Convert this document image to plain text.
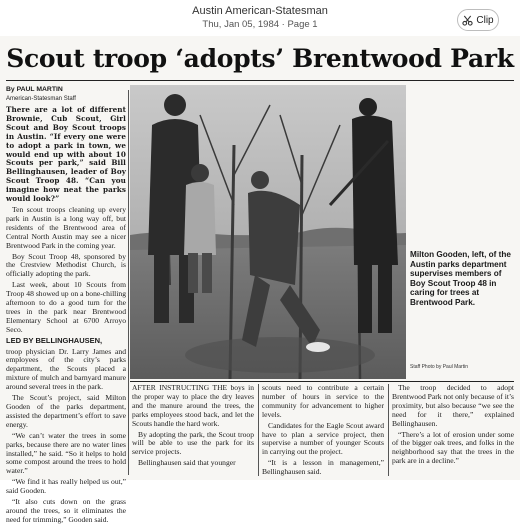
Austin American-Statesman
Thu, Jan 05, 1984 · Page 1	Clip
Scout troop ‘adopts’ Brentwood Park
By PAUL MARTIN
American-Statesman Staff

There are a lot of different Brownie, Cub Scout, Girl Scout and Boy Scout troops in Austin. “If every one were to adopt a park in town, we would end up with about 10 Scouts per park,” said Bill Bellinghausen, leader of Boy Scout Troop 48. “Can you imagine how neat the parks would look?”

Ten scout troops cleaning up every park in Austin is a long way off, but residents of the Brentwood area of Central North Austin may see a nicer Brentwood Park in the coming year.

Boy Scout Troop 48, sponsored by the Crestview Methodist Church, is officially adopting the park.

Last week, about 10 Scouts from Troop 48 showed up on a bone-chilling afternoon to do a good turn for the trees in the park near Brentwood Elementary School at 6700 Arroyo Seco.

LED BY BELLINGHAUSEN,

troop physician Dr. Larry James and employees of the city’s parks department, the Scouts placed a mixture of mulch and barnyard manure around several trees in the park.

The Scout’s project, said Milton Gooden of the parks department, assisted the department’s effort to save energy.

“We can’t water the trees in some parks, because there are no water lines installed,” he said. “So it helps to hold some compost around the trees to hold water.”

“We find it has really helped us out,” said Gooden.

“It also cuts down on the grass around the trees, so it eliminates the need for trimming,” Gooden said.

Milton Gooden, left, of the Austin parks department supervises members of Boy Scout Troop 48 in caring for trees at Brentwood Park.
Staff Photo by Paul Martin

AFTER INSTRUCTING THE boys in the proper way to place the dry leaves and the manure around the trees, the parks employees stood back, and let the Scouts handle the hard work.

By adopting the park, the Scout troop will be able to use the park for its service projects.

Bellinghausen said that younger

scouts need to contribute a certain number of hours in service to the community for advancement to higher levels.

Candidates for the Eagle Scout award have to plan a service project, then supervise a number of younger Scouts in carrying out the project.

“It is a lesson in management,” Bellinghausen said.

The troop decided to adopt Brentwood Park not only because of it’s proximity, but also because “we see the need for it there,” explained Bellinghausen.

“There’s a lot of erosion under some of the bigger oak trees, and folks in the neighborhood say that the trees in the park are in a decline.”
